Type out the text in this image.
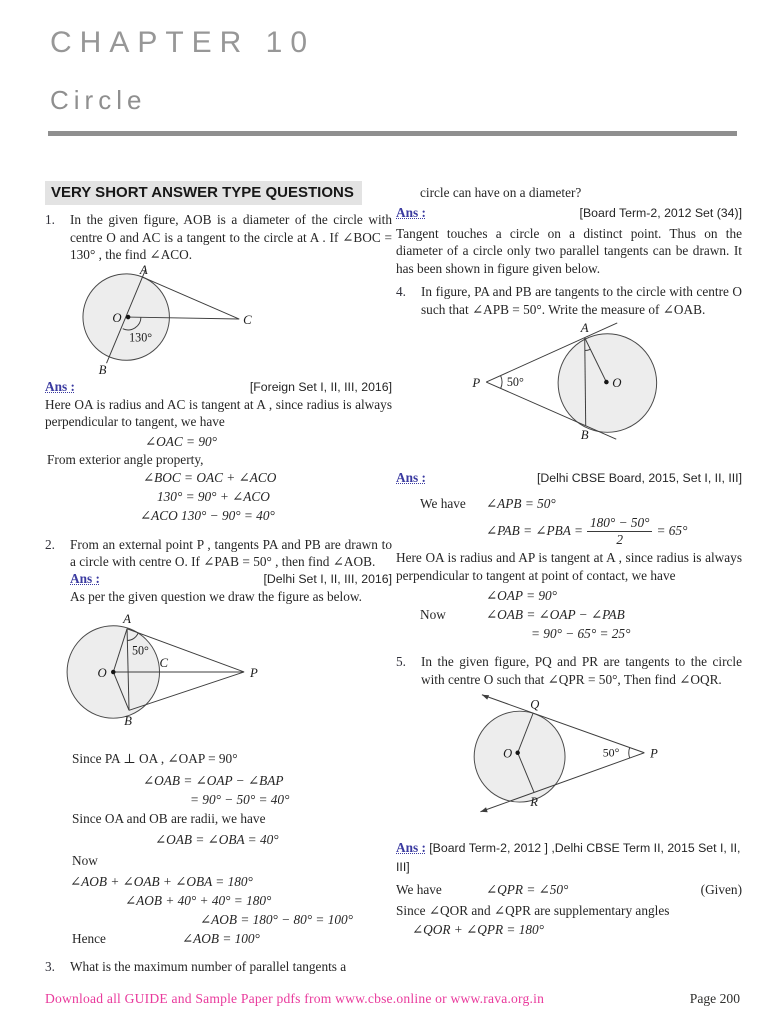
CHAPTER 10
Circle
VERY SHORT ANSWER TYPE QUESTIONS
1.	In the given figure, AOB is a diameter of the circle with centre O and AC is a tangent to the circle at A . If ∠BOC = 130° , the find ∠ACO.
A
B
C
O
130°
Ans :	[Foreign Set I, II, III, 2016]
Here OA is radius and AC is tangent at A , since radius is always perpendicular to tangent, we have
∠OAC = 90°
From exterior angle property,
∠BOC = OAC + ∠ACO
130° = 90° + ∠ACO
∠ACO 130° − 90° = 40°
2.	From an external point P , tangents PA and PB are drawn to a circle with centre O. If ∠PAB = 50° , then find ∠AOB.
Ans :	[Delhi Set I, II, III, 2016]
As per the given question we draw the figure as below.
A
B
C
O	P
50°
Since PA ⊥ OA , ∠OAP = 90°
∠OAB = ∠OAP − ∠BAP
= 90° − 50° = 40°
Since OA and OB are radii, we have
∠OAB = ∠OBA = 40°
Now
∠AOB + ∠OAB + ∠OBA = 180°
∠AOB + 40° + 40° = 180°
∠AOB = 180° − 80° = 100°
Hence	∠AOB = 100°
3.	What is the maximum number of parallel tangents a
circle can have on a diameter?
Ans :	[Board Term-2, 2012 Set (34)]
Tangent touches a circle on a distinct point. Thus on the diameter of a circle only two parallel tangents can be drawn. It has been shown in figure given below.
4.	In figure, PA and PB are tangents to the circle with centre O such that ∠APB = 50°. Write the measure of ∠OAB.
A
B
O
P 50°
Ans :	[Delhi CBSE Board, 2015, Set I, II, III]
We have	∠APB = 50°
∠PAB = ∠PBA = $\frac{180^\circ - 50^\circ}{2} = 65^\circ$
Here OA is radius and AP is tangent at A , since radius is always perpendicular to tangent at point of contact, we have
∠OAP = 90°
Now	∠OAB = ∠OAP − ∠PAB
= 90° − 65° = 25°
5.	In the given figure, PQ and PR are tangents to the circle with centre O such that ∠QPR = 50°, Then find ∠OQR.
Q
R
O	P
50°
Ans : [Board Term-2, 2012 ] ,Delhi CBSE Term II, 2015 Set I, II, III]
We have	∠QPR = ∠50°	(Given)
Since ∠QOR and ∠QPR are supplementary angles
∠QOR + ∠QPR = 180°
Download all GUIDE and Sample Paper pdfs from www.cbse.online or www.rava.org.in	Page 200
